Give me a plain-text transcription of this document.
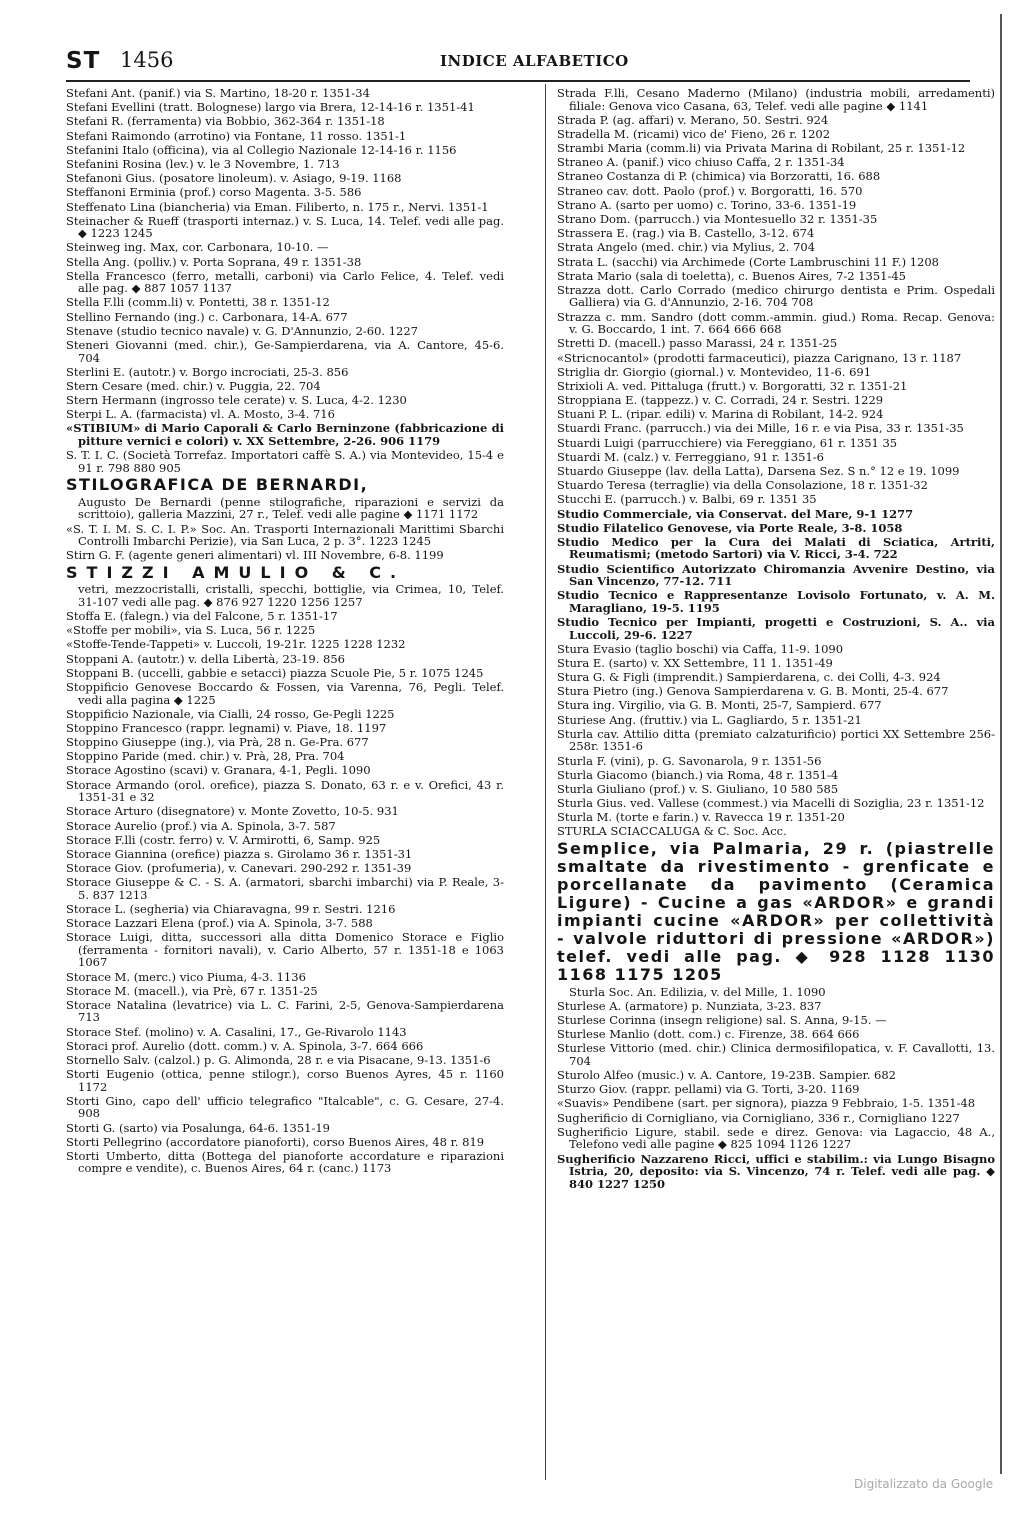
ST 1456	INDICE ALFABETICO
Stefani Ant. (panif.) via S. Martino, 18-20 r. 1351-34
Stefani Evellini (tratt. Bolognese) largo via Brera, 12-14-16 r. 1351-41
Stefani R. (ferramenta) via Bobbio, 362-364 r. 1351-18
Stefani Raimondo (arrotino) via Fontane, 11 rosso. 1351-1
Stefanini Italo (officina), via al Collegio Nazionale 12-14-16 r. 1156
Stefanini Rosina (lev.) v. le 3 Novembre, 1. 713
Stefanoni Gius. (posatore linoleum). v. Asiago, 9-19. 1168
Steffanoni Erminia (prof.) corso Magenta. 3-5. 586
Steffenato Lina (biancheria) via Eman. Filiberto, n. 175 r., Nervi. 1351-1
Steinacher & Rueff (trasporti internaz.) v. S. Luca, 14. Telef. vedi alle pag. ◆ 1223 1245
Steinweg ing. Max, cor. Carbonara, 10-10. —
Stella Ang. (polliv.) v. Porta Soprana, 49 r. 1351-38
Stella Francesco (ferro, metalli, carboni) via Carlo Felice, 4. Telef. vedi alle pag. ◆ 887 1057 1137
Stella F.lli (comm.li) v. Pontetti, 38 r. 1351-12
Stellino Fernando (ing.) c. Carbonara, 14-A. 677
Stenave (studio tecnico navale) v. G. D'Annunzio, 2-60. 1227
Steneri Giovanni (med. chir.), Ge-Sampierdarena, via A. Cantore, 45-6. 704
Sterlini E. (autotr.) v. Borgo incrociati, 25-3. 856
Stern Cesare (med. chir.) v. Puggia, 22. 704
Stern Hermann (ingrosso tele cerate) v. S. Luca, 4-2. 1230
Sterpi L. A. (farmacista) vl. A. Mosto, 3-4. 716
«STIBIUM» di Mario Caporali & Carlo Berninzone (fabbricazione di pitture vernici e colori) v. XX Settembre, 2-26. 906 1179
S. T. I. C. (Società Torrefaz. Importatori caffè S. A.) via Montevideo, 15-4 e 91 r. 798 880 905
STILOGRAFICA DE BERNARDI,
Augusto De Bernardi (penne stilografiche, riparazioni e servizi da scrittoio), galleria Mazzini, 27 r., Telef. vedi alle pagine ◆ 1171 1172
«S. T. I. M. S. C. I. P.» Soc. An. Trasporti Internazionali Marittimi Sbarchi Controlli Imbarchi Perizie), via San Luca, 2 p. 3°. 1223 1245
Stirn G. F. (agente generi alimentari) vl. III Novembre, 6-8. 1199
STIZZI AMULIO & C.
vetri, mezzocristalli, cristalli, specchi, bottiglie, via Crimea, 10, Telef. 31-107 vedi alle pag. ◆ 876 927 1220 1256 1257
Stoffa E. (falegn.) via del Falcone, 5 r. 1351-17
«Stoffe per mobili», via S. Luca, 56 r. 1225
«Stoffe-Tende-Tappeti» v. Luccoli, 19-21r. 1225 1228 1232
Stoppani A. (autotr.) v. della Libertà, 23-19. 856
Stoppani B. (uccelli, gabbie e setacci) piazza Scuole Pie, 5 r. 1075 1245
Stoppificio Genovese Boccardo & Fossen, via Varenna, 76, Pegli. Telef. vedi alla pagina ◆ 1225
Stoppificio Nazionale, via Cialli, 24 rosso, Ge-Pegli 1225
Stoppino Francesco (rappr. legnami) v. Piave, 18. 1197
Stoppino Giuseppe (ing.), via Prà, 28 n. Ge-Pra. 677
Stoppino Paride (med. chir.) v. Prà, 28, Pra. 704
Storace Agostino (scavi) v. Granara, 4-1, Pegli. 1090
Storace Armando (orol. orefice), piazza S. Donato, 63 r. e v. Orefici, 43 r. 1351-31 e 32
Storace Arturo (disegnatore) v. Monte Zovetto, 10-5. 931
Storace Aurelio (prof.) via A. Spinola, 3-7. 587
Storace F.lli (costr. ferro) v. V. Armirotti, 6, Samp. 925
Storace Giannina (orefice) piazza s. Girolamo 36 r. 1351-31
Storace Giov. (profumeria), v. Canevari. 290-292 r. 1351-39
Storace Giuseppe & C. - S. A. (armatori, sbarchi imbarchi) via P. Reale, 3-5. 837 1213
Storace L. (segheria) via Chiaravagna, 99 r. Sestri. 1216
Storace Lazzari Elena (prof.) via A. Spinola, 3-7. 588
Storace Luigi, ditta, successori alla ditta Domenico Storace e Figlio (ferramenta - fornitori navali), v. Cario Alberto, 57 r. 1351-18 e 1063 1067
Storace M. (merc.) vico Piuma, 4-3. 1136
Storace M. (macell.), via Prè, 67 r. 1351-25
Storace Natalina (levatrice) via L. C. Farini, 2-5, Genova-Sampierdarena 713
Storace Stef. (molino) v. A. Casalini, 17., Ge-Rivarolo 1143
Storaci prof. Aurelio (dott. comm.) v. A. Spinola, 3-7. 664 666
Stornello Salv. (calzol.) p. G. Alimonda, 28 r. e via Pisacane, 9-13. 1351-6
Storti Eugenio (ottica, penne stilogr.), corso Buenos Ayres, 45 r. 1160 1172
Storti Gino, capo dell' ufficio telegrafico "Italcable", c. G. Cesare, 27-4. 908
Storti G. (sarto) via Posalunga, 64-6. 1351-19
Storti Pellegrino (accordatore pianoforti), corso Buenos Aires, 48 r. 819
Storti Umberto, ditta (Bottega del pianoforte accordature e riparazioni compre e vendite), c. Buenos Aires, 64 r. (canc.) 1173
Strada F.lli, Cesano Maderno (Milano) (industria mobili, arredamenti) filiale: Genova vico Casana, 63, Telef. vedi alle pagine ◆ 1141
Strada P. (ag. affari) v. Merano, 50. Sestri. 924
Stradella M. (ricami) vico de' Fieno, 26 r. 1202
Strambi Maria (comm.li) via Privata Marina di Robilant, 25 r. 1351-12
Straneo A. (panif.) vico chiuso Caffa, 2 r. 1351-34
Straneo Costanza di P. (chimica) via Borzoratti, 16. 688
Straneo cav. dott. Paolo (prof.) v. Borgoratti, 16. 570
Strano A. (sarto per uomo) c. Torino, 33-6. 1351-19
Strano Dom. (parrucch.) via Montesuello 32 r. 1351-35
Strassera E. (rag.) via B. Castello, 3-12. 674
Strata Angelo (med. chir.) via Mylius, 2. 704
Strata L. (sacchi) via Archimede (Corte Lambruschini 11 F.) 1208
Strata Mario (sala di toeletta), c. Buenos Aires, 7-2 1351-45
Strazza dott. Carlo Corrado (medico chirurgo dentista e Prim. Ospedali Galliera) via G. d'Annunzio, 2-16. 704 708
Strazza c. mm. Sandro (dott comm.-ammin. giud.) Roma. Recap. Genova: v. G. Boccardo, 1 int. 7. 664 666 668
Stretti D. (macell.) passo Marassi, 24 r. 1351-25
«Stricnocantol» (prodotti farmaceutici), piazza Carignano, 13 r. 1187
Striglia dr. Giorgio (giornal.) v. Montevideo, 11-6. 691
Strixioli A. ved. Pittaluga (frutt.) v. Borgoratti, 32 r. 1351-21
Stroppiana E. (tappezz.) v. C. Corradi, 24 r. Sestri. 1229
Stuani P. L. (ripar. edili) v. Marina di Robilant, 14-2. 924
Stuardi Franc. (parrucch.) via dei Mille, 16 r. e via Pisa, 33 r. 1351-35
Stuardi Luigi (parrucchiere) via Fereggiano, 61 r. 1351 35
Stuardi M. (calz.) v. Ferreggiano, 91 r. 1351-6
Stuardo Giuseppe (lav. della Latta), Darsena Sez. S n.° 12 e 19. 1099
Stuardo Teresa (terraglie) via della Consolazione, 18 r. 1351-32
Stucchi E. (parrucch.) v. Balbi, 69 r. 1351 35
Studio Commerciale, via Conservat. del Mare, 9-1 1277
Studio Filatelico Genovese, via Porte Reale, 3-8. 1058
Studio Medico per la Cura dei Malati di Sciatica, Artriti, Reumatismi; (metodo Sartori) via V. Ricci, 3-4. 722
Studio Scientifico Autorizzato Chiromanzia Avvenire Destino, via San Vincenzo, 77-12. 711
Studio Tecnico e Rappresentanze Lovisolo Fortunato, v. A. M. Maragliano, 19-5. 1195
Studio Tecnico per Impianti, progetti e Costruzioni, S. A.. via Luccoli, 29-6. 1227
Stura Evasio (taglio boschi) via Caffa, 11-9. 1090
Stura E. (sarto) v. XX Settembre, 11 1. 1351-49
Stura G. & Figli (imprendit.) Sampierdarena, c. dei Colli, 4-3. 924
Stura Pietro (ing.) Genova Sampierdarena v. G. B. Monti, 25-4. 677
Stura ing. Virgilio, via G. B. Monti, 25-7, Sampierd. 677
Sturiese Ang. (fruttiv.) via L. Gagliardo, 5 r. 1351-21
Sturla cav. Attilio ditta (premiato calzaturificio) portici XX Settembre 256-258r. 1351-6
Sturla F. (vini), p. G. Savonarola, 9 r. 1351-56
Sturla Giacomo (bianch.) via Roma, 48 r. 1351-4
Sturla Giuliano (prof.) v. S. Giuliano, 10 580 585
Sturla Gius. ved. Vallese (commest.) via Macelli di Soziglia, 23 r. 1351-12
Sturla M. (torte e farin.) v. Ravecca 19 r. 1351-20
STURLA SCIACCALUGA & C. Soc. Acc.
Semplice, via Palmaria, 29 r. (piastrelle smaltate da rivestimento - grenficate e porcellanate da pavimento (Ceramica Ligure) - Cucine a gas «ARDOR» e grandi impianti cucine «ARDOR» per collettività - valvole riduttori di pressione «ARDOR») telef. vedi alle pag. ◆ 928 1128 1130 1168 1175 1205
Sturla Soc. An. Edilizia, v. del Mille, 1. 1090
Sturlese A. (armatore) p. Nunziata, 3-23. 837
Sturlese Corinna (insegn religione) sal. S. Anna, 9-15. —
Sturlese Manlio (dott. com.) c. Firenze, 38. 664 666
Sturlese Vittorio (med. chir.) Clinica dermosifilopatica, v. F. Cavallotti, 13. 704
Sturolo Alfeo (music.) v. A. Cantore, 19-23B. Sampier. 682
Sturzo Giov. (rappr. pellami) via G. Torti, 3-20. 1169
«Suavis» Pendibene (sart. per signora), piazza 9 Febbraio, 1-5. 1351-48
Sugherificio di Cornigliano, via Cornigliano, 336 r., Cornigliano 1227
Sugherificio Ligure, stabil. sede e direz. Genova: via Lagaccio, 48 A., Telefono vedi alle pagine ◆ 825 1094 1126 1227
Sugherificio Nazzareno Ricci, uffici e stabilim.: via Lungo Bisagno Istria, 20, deposito: via S. Vincenzo, 74 r. Telef. vedi alle pag. ◆ 840 1227 1250
Digitalizzato da Google
